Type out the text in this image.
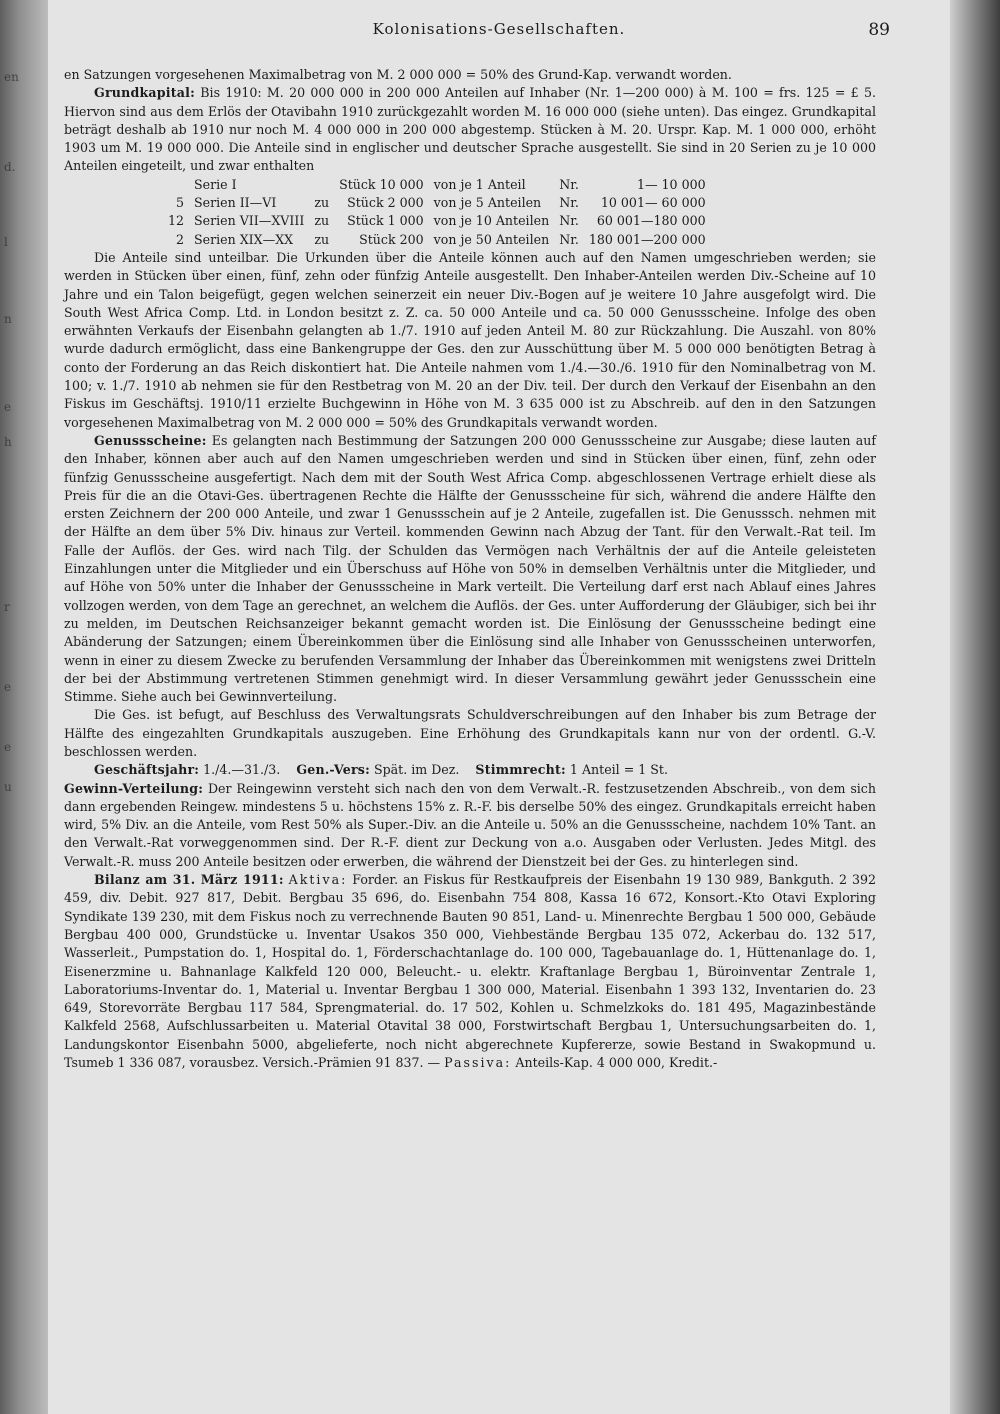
en
d.
l
n
e
h
r
e
e
u
Kolonisations-Gesellschaften.	89

en Satzungen vorgesehenen Maximalbetrag von M. 2 000 000 = 50% des Grund-Kap. verwandt worden.

Grundkapital: Bis 1910: M. 20 000 000 in 200 000 Anteilen auf Inhaber (Nr. 1—200 000) à M. 100 = frs. 125 = £ 5. Hiervon sind aus dem Erlös der Otavibahn 1910 zurückgezahlt worden M. 16 000 000 (siehe unten). Das eingez. Grundkapital beträgt deshalb ab 1910 nur noch M. 4 000 000 in 200 000 abgestemp. Stücken à M. 20. Urspr. Kap. M. 1 000 000, erhöht 1903 um M. 19 000 000. Die Anteile sind in englischer und deutscher Sprache ausgestellt. Sie sind in 20 Serien zu je 10 000 Anteilen eingeteilt, und zwar enthalten

	Serie I		Stück 10 000	von je 1 Anteil	Nr.	1— 10 000
5	Serien II—VI	zu	Stück 2 000	von je 5 Anteilen	Nr.	10 001— 60 000
12	Serien VII—XVIII	zu	Stück 1 000	von je 10 Anteilen	Nr.	60 001—180 000
2	Serien XIX—XX	zu	Stück 200	von je 50 Anteilen	Nr.	180 001—200 000

Die Anteile sind unteilbar. Die Urkunden über die Anteile können auch auf den Namen umgeschrieben werden; sie werden in Stücken über einen, fünf, zehn oder fünfzig Anteile ausgestellt. Den Inhaber-Anteilen werden Div.-Scheine auf 10 Jahre und ein Talon beigefügt, gegen welchen seinerzeit ein neuer Div.-Bogen auf je weitere 10 Jahre ausgefolgt wird. Die South West Africa Comp. Ltd. in London besitzt z. Z. ca. 50 000 Anteile und ca. 50 000 Genussscheine. Infolge des oben erwähnten Verkaufs der Eisenbahn gelangten ab 1./7. 1910 auf jeden Anteil M. 80 zur Rückzahlung. Die Auszahl. von 80% wurde dadurch ermöglicht, dass eine Bankengruppe der Ges. den zur Ausschüttung über M. 5 000 000 benötigten Betrag à conto der Forderung an das Reich diskontiert hat. Die Anteile nahmen vom 1./4.—30./6. 1910 für den Nominalbetrag von M. 100; v. 1./7. 1910 ab nehmen sie für den Restbetrag von M. 20 an der Div. teil. Der durch den Verkauf der Eisenbahn an den Fiskus im Geschäftsj. 1910/11 erzielte Buchgewinn in Höhe von M. 3 635 000 ist zu Abschreib. auf den in den Satzungen vorgesehenen Maximalbetrag von M. 2 000 000 = 50% des Grundkapitals verwandt worden.

Genussscheine: Es gelangten nach Bestimmung der Satzungen 200 000 Genussscheine zur Ausgabe; diese lauten auf den Inhaber, können aber auch auf den Namen umgeschrieben werden und sind in Stücken über einen, fünf, zehn oder fünfzig Genussscheine ausgefertigt. Nach dem mit der South West Africa Comp. abgeschlossenen Vertrage erhielt diese als Preis für die an die Otavi-Ges. übertragenen Rechte die Hälfte der Genussscheine für sich, während die andere Hälfte den ersten Zeichnern der 200 000 Anteile, und zwar 1 Genussschein auf je 2 Anteile, zugefallen ist. Die Genusssch. nehmen mit der Hälfte an dem über 5% Div. hinaus zur Verteil. kommenden Gewinn nach Abzug der Tant. für den Verwalt.-Rat teil. Im Falle der Auflös. der Ges. wird nach Tilg. der Schulden das Vermögen nach Verhältnis der auf die Anteile geleisteten Einzahlungen unter die Mitglieder und ein Überschuss auf Höhe von 50% in demselben Verhältnis unter die Mitglieder, und auf Höhe von 50% unter die Inhaber der Genussscheine in Mark verteilt. Die Verteilung darf erst nach Ablauf eines Jahres vollzogen werden, von dem Tage an gerechnet, an welchem die Auflös. der Ges. unter Aufforderung der Gläubiger, sich bei ihr zu melden, im Deutschen Reichsanzeiger bekannt gemacht worden ist. Die Einlösung der Genussscheine bedingt eine Abänderung der Satzungen; einem Übereinkommen über die Einlösung sind alle Inhaber von Genussscheinen unterworfen, wenn in einer zu diesem Zwecke zu berufenden Versammlung der Inhaber das Übereinkommen mit wenigstens zwei Dritteln der bei der Abstimmung vertretenen Stimmen genehmigt wird. In dieser Versammlung gewährt jeder Genussschein eine Stimme. Siehe auch bei Gewinnverteilung.

Die Ges. ist befugt, auf Beschluss des Verwaltungsrats Schuldverschreibungen auf den Inhaber bis zum Betrage der Hälfte des eingezahlten Grundkapitals auszugeben. Eine Erhöhung des Grundkapitals kann nur von der ordentl. G.-V. beschlossen werden.

Geschäftsjahr: 1./4.—31./3. Gen.-Vers: Spät. im Dez. Stimmrecht: 1 Anteil = 1 St.

Gewinn-Verteilung: Der Reingewinn versteht sich nach den von dem Verwalt.-R. festzusetzenden Abschreib., von dem sich dann ergebenden Reingew. mindestens 5 u. höchstens 15% z. R.-F. bis derselbe 50% des eingez. Grundkapitals erreicht haben wird, 5% Div. an die Anteile, vom Rest 50% als Super.-Div. an die Anteile u. 50% an die Genussscheine, nachdem 10% Tant. an den Verwalt.-Rat vorweggenommen sind. Der R.-F. dient zur Deckung von a.o. Ausgaben oder Verlusten. Jedes Mitgl. des Verwalt.-R. muss 200 Anteile besitzen oder erwerben, die während der Dienstzeit bei der Ges. zu hinterlegen sind.

Bilanz am 31. März 1911: Aktiva: Forder. an Fiskus für Restkaufpreis der Eisenbahn 19 130 989, Bankguth. 2 392 459, div. Debit. 927 817, Debit. Bergbau 35 696, do. Eisenbahn 754 808, Kassa 16 672, Konsort.-Kto Otavi Exploring Syndikate 139 230, mit dem Fiskus noch zu verrechnende Bauten 90 851, Land- u. Minenrechte Bergbau 1 500 000, Gebäude Bergbau 400 000, Grundstücke u. Inventar Usakos 350 000, Viehbestände Bergbau 135 072, Ackerbau do. 132 517, Wasserleit., Pumpstation do. 1, Hospital do. 1, Förderschachtanlage do. 100 000, Tagebauanlage do. 1, Hüttenanlage do. 1, Eisenerzmine u. Bahnanlage Kalkfeld 120 000, Beleucht.- u. elektr. Kraftanlage Bergbau 1, Büroinventar Zentrale 1, Laboratoriums-Inventar do. 1, Material u. Inventar Bergbau 1 300 000, Material. Eisenbahn 1 393 132, Inventarien do. 23 649, Storevorräte Bergbau 117 584, Sprengmaterial. do. 17 502, Kohlen u. Schmelzkoks do. 181 495, Magazinbestände Kalkfeld 2568, Aufschlussarbeiten u. Material Otavital 38 000, Forstwirtschaft Bergbau 1, Untersuchungsarbeiten do. 1, Landungskontor Eisenbahn 5000, abgelieferte, noch nicht abgerechnete Kupfererze, sowie Bestand in Swakopmund u. Tsumeb 1 336 087, vorausbez. Versich.-Prämien 91 837. — Passiva: Anteils-Kap. 4 000 000, Kredit.-
